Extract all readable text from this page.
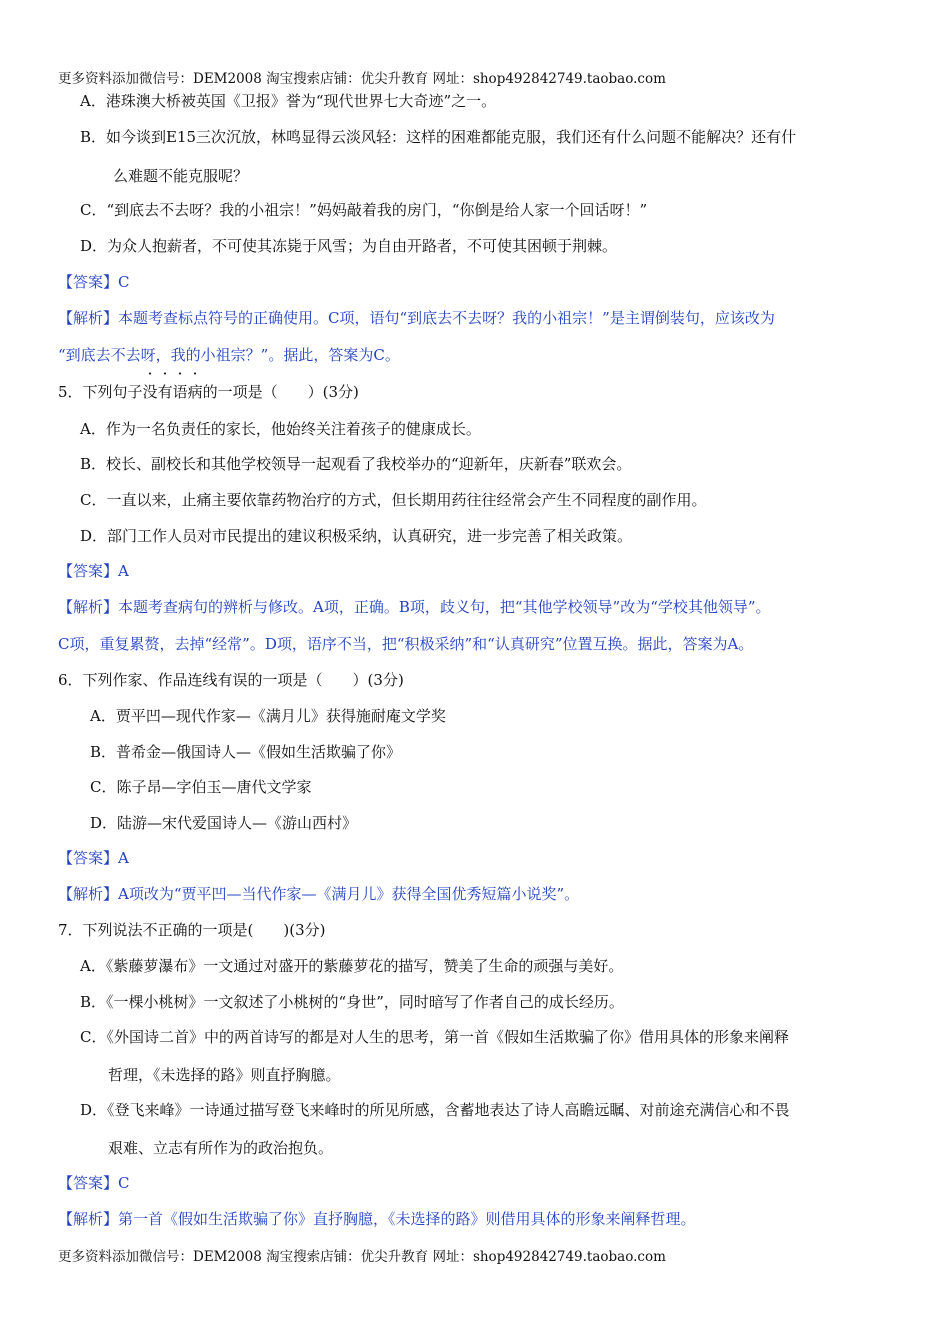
更多资料添加微信号：DEM2008 淘宝搜索店铺：优尖升教育 网址：shop492842749.taobao.com
A．港珠澳大桥被英国《卫报》誉为“现代世界七大奇迹”之一。
B．如今谈到E15三次沉放，林鸣显得云淡风轻：这样的困难都能克服，我们还有什么问题不能解决？还有什
么难题不能克服呢？
C．“到底去不去呀？我的小祖宗！”妈妈敲着我的房门，“你倒是给人家一个回话呀！”
D．为众人抱薪者，不可使其冻毙于风雪；为自由开路者，不可使其困顿于荆棘。
【答案】C
【解析】本题考查标点符号的正确使用。C项，语句“到底去不去呀？我的小祖宗！”是主谓倒装句，应该改为
“到底去不去呀，我的小祖宗？”。据此，答案为C。
5．下列句子没有语病的一项是（　　）(3分)
A．作为一名负责任的家长，他始终关注着孩子的健康成长。
B．校长、副校长和其他学校领导一起观看了我校举办的“迎新年，庆新春”联欢会。
C．一直以来，止痛主要依靠药物治疗的方式，但长期用药往往经常会产生不同程度的副作用。
D．部门工作人员对市民提出的建议积极采纳，认真研究，进一步完善了相关政策。
【答案】A
【解析】本题考查病句的辨析与修改。A项，正确。B项，歧义句，把“其他学校领导”改为“学校其他领导”。
C项，重复累赘，去掉“经常”。D项，语序不当，把“积极采纳”和“认真研究”位置互换。据此，答案为A。
6．下列作家、作品连线有误的一项是（　　）(3分)
A．贾平凹—现代作家—《满月儿》获得施耐庵文学奖
B．普希金—俄国诗人—《假如生活欺骗了你》
C．陈子昂—字伯玉—唐代文学家
D．陆游—宋代爱国诗人—《游山西村》
【答案】A
【解析】A项改为“贾平凹—当代作家—《满月儿》获得全国优秀短篇小说奖”。
7．下列说法不正确的一项是(　　)(3分)
A．《紫藤萝瀑布》一文通过对盛开的紫藤萝花的描写，赞美了生命的顽强与美好。
B．《一棵小桃树》一文叙述了小桃树的“身世”，同时暗写了作者自己的成长经历。
C．《外国诗二首》中的两首诗写的都是对人生的思考，第一首《假如生活欺骗了你》借用具体的形象来阐释
哲理，《未选择的路》则直抒胸臆。
D．《登飞来峰》一诗通过描写登飞来峰时的所见所感，含蓄地表达了诗人高瞻远瞩、对前途充满信心和不畏
艰难、立志有所作为的政治抱负。
【答案】C
【解析】第一首《假如生活欺骗了你》直抒胸臆，《未选择的路》则借用具体的形象来阐释哲理。
更多资料添加微信号：DEM2008 淘宝搜索店铺：优尖升教育 网址：shop492842749.taobao.com
